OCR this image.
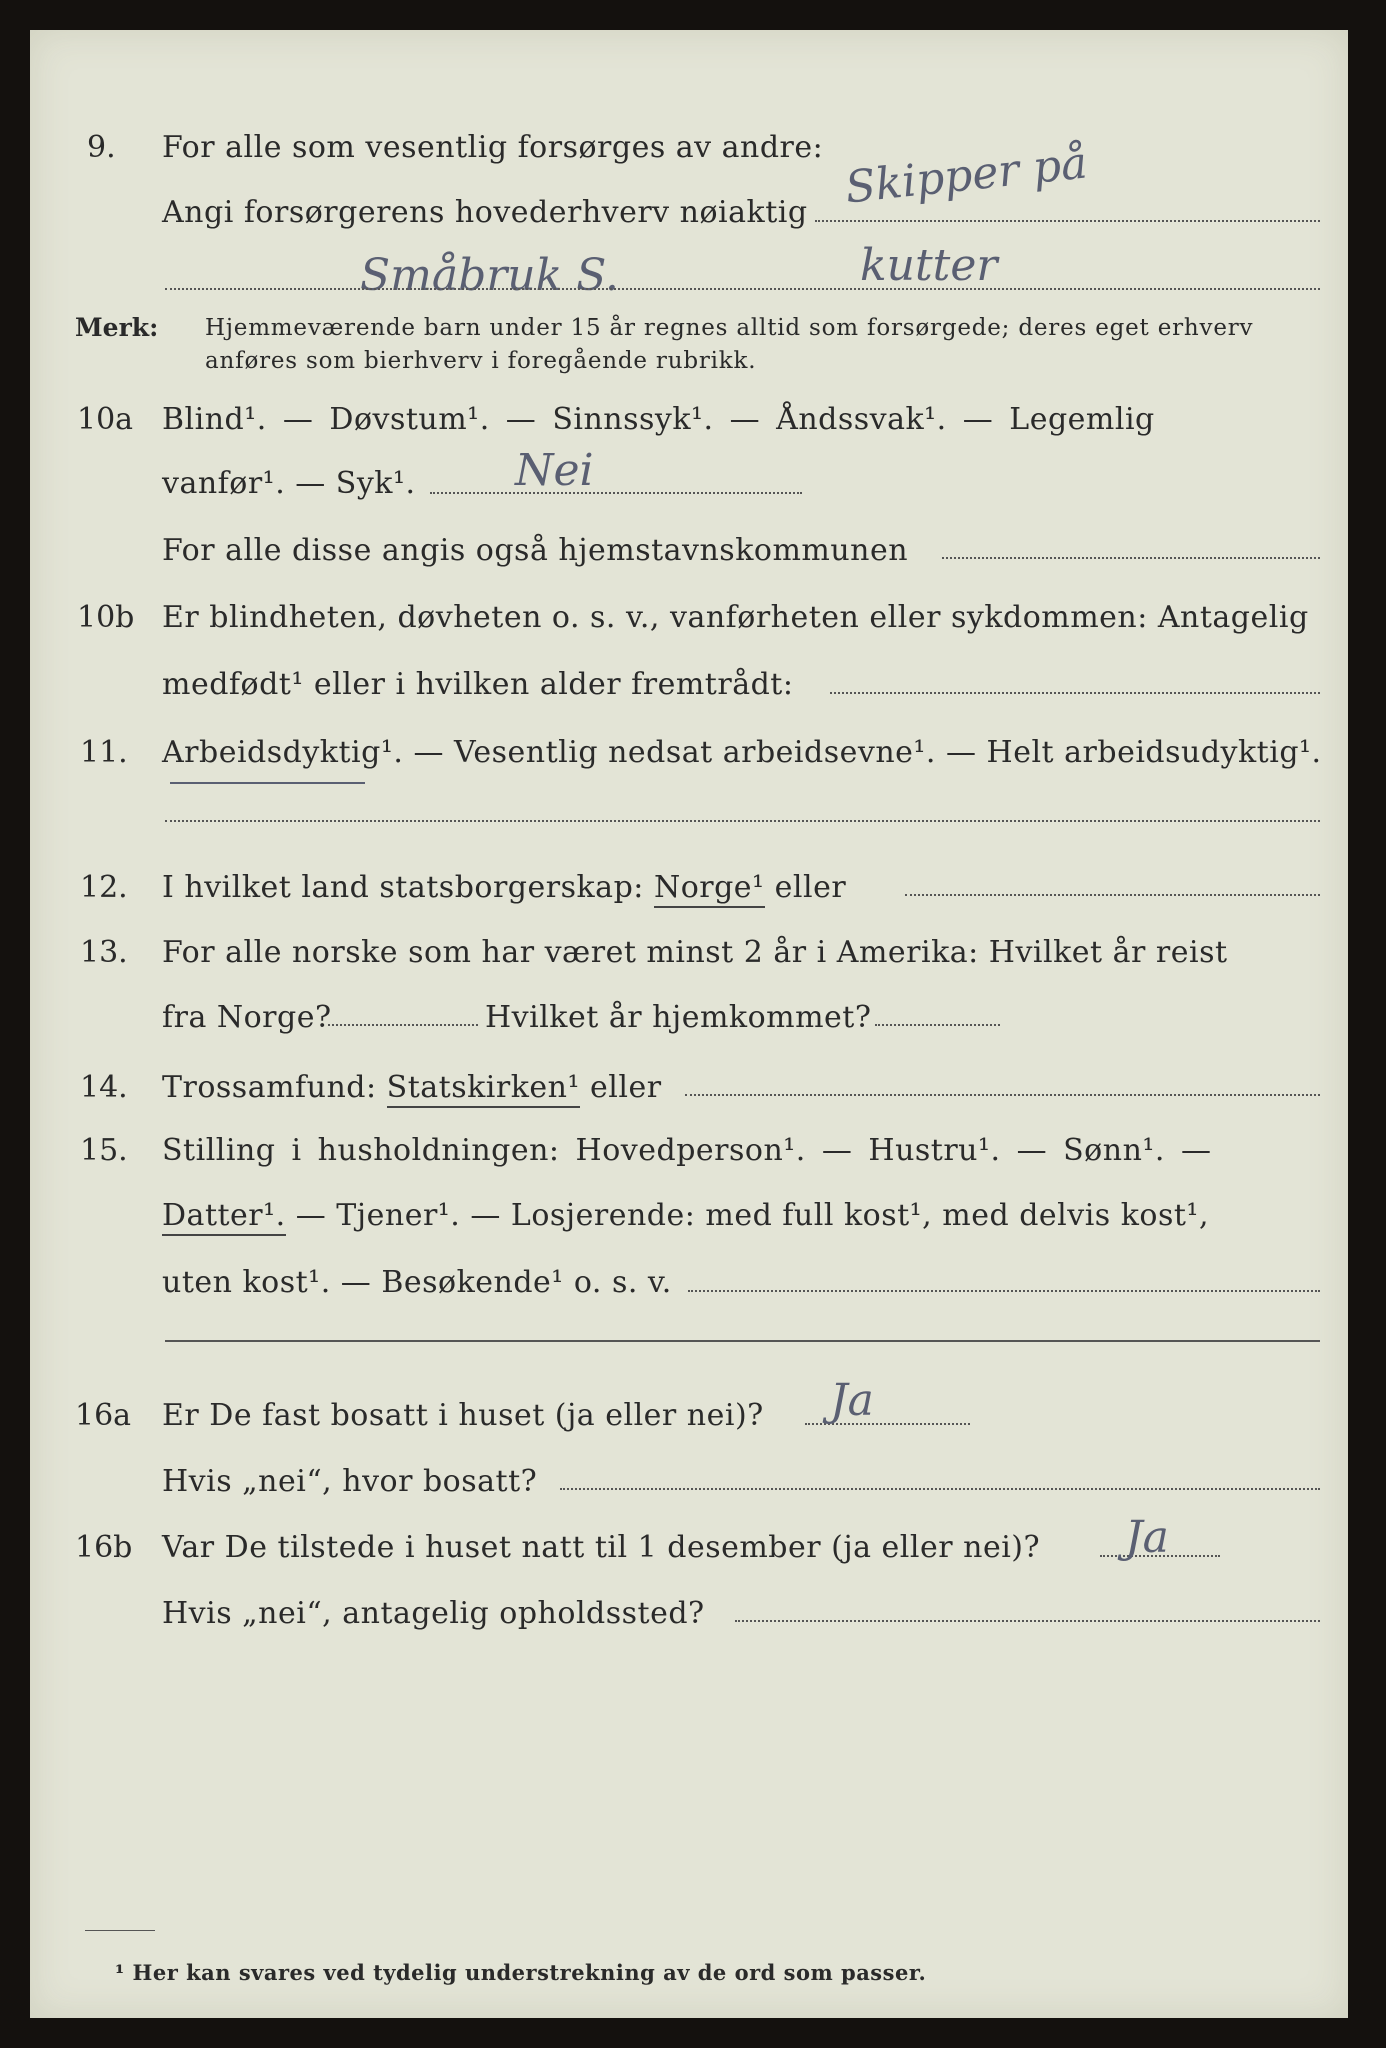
9. For alle som vesentlig forsørges av andre:
Angi forsørgerens hovederhverv nøiaktig Skipper på
kutter
Småbruk S.
Merk: Hjemmeværende barn under 15 år regnes alltid som forsørgede; deres eget erhverv
anføres som bierhverv i foregående rubrikk.
10a Blind¹. — Døvstum¹. — Sinnssyk¹. — Åndssvak¹. — Legemlig
vanfør¹. — Syk¹. Nei
For alle disse angis også hjemstavnskommunen
10b Er blindheten, døvheten o. s. v., vanførheten eller sykdommen: Antagelig
medfødt¹ eller i hvilken alder fremtrådt:
11. Arbeidsdyktig¹. — Vesentlig nedsat arbeidsevne¹. — Helt arbeidsudyktig¹.
12. I hvilket land statsborgerskap: Norge¹ eller
13. For alle norske som har været minst 2 år i Amerika: Hvilket år reist
fra Norge?	Hvilket år hjemkommet?
14. Trossamfund: Statskirken¹ eller
15. Stilling i husholdningen: Hovedperson¹. — Hustru¹. — Sønn¹. —
Datter¹. — Tjener¹. — Losjerende: med full kost¹, med delvis kost¹,
uten kost¹. — Besøkende¹ o. s. v.
16a Er De fast bosatt i huset (ja eller nei)? Ja
Hvis „nei“, hvor bosatt?
16b Var De tilstede i huset natt til 1 desember (ja eller nei)? Ja
Hvis „nei“, antagelig opholdssted?
¹ Her kan svares ved tydelig understrekning av de ord som passer.
